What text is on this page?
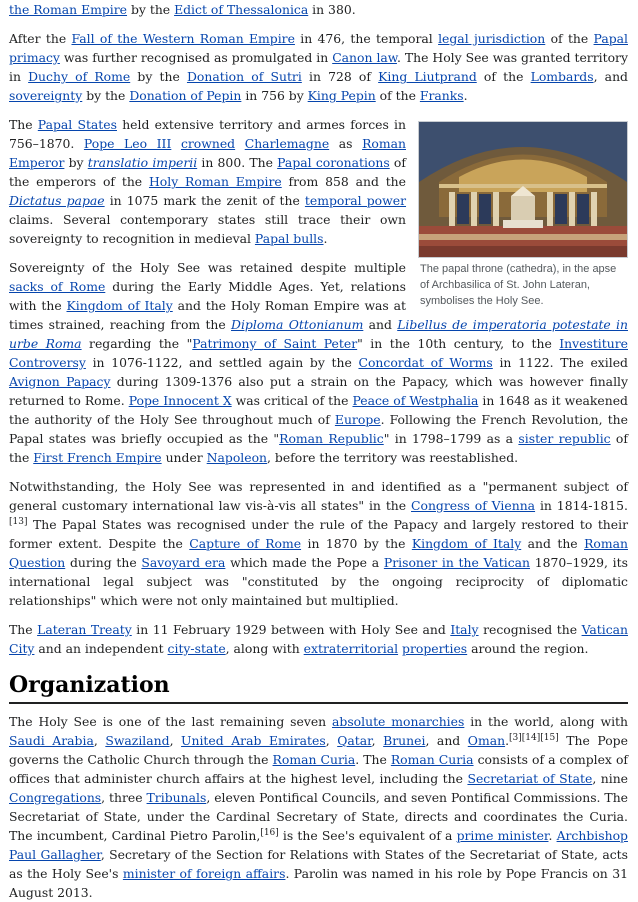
the Roman Empire by the Edict of Thessalonica in 380.

After the Fall of the Western Roman Empire in 476, the temporal legal jurisdiction of the Papal primacy was further recognised as promulgated in Canon law. The Holy See was granted territory in Duchy of Rome by the Donation of Sutri in 728 of King Liutprand of the Lombards, and sovereignty by the Donation of Pepin in 756 by King Pepin of the Franks.

The papal throne (cathedra), in the apse of Archbasilica of St. John Lateran, symbolises the Holy See.

The Papal States held extensive territory and armes forces in 756–1870. Pope Leo III crowned Charlemagne as Roman Emperor by translatio imperii in 800. The Papal coronations of the emperors of the Holy Roman Empire from 858 and the Dictatus papae in 1075 mark the zenit of the temporal power claims. Several contemporary states still trace their own sovereignty to recognition in medieval Papal bulls.

Sovereignty of the Holy See was retained despite multiple sacks of Rome during the Early Middle Ages. Yet, relations with the Kingdom of Italy and the Holy Roman Empire was at times strained, reaching from the Diploma Ottonianum and Libellus de imperatoria potestate in urbe Roma regarding the "Patrimony of Saint Peter" in the 10th century, to the Investiture Controversy in 1076-1122, and settled again by the Concordat of Worms in 1122. The exiled Avignon Papacy during 1309-1376 also put a strain on the Papacy, which was however finally returned to Rome. Pope Innocent X was critical of the Peace of Westphalia in 1648 as it weakened the authority of the Holy See throughout much of Europe. Following the French Revolution, the Papal states was briefly occupied as the "Roman Republic" in 1798–1799 as a sister republic of the First French Empire under Napoleon, before the territory was reestablished.

Notwithstanding, the Holy See was represented in and identified as a "permanent subject of general customary international law vis-à-vis all states" in the Congress of Vienna in 1814-1815.[13] The Papal States was recognised under the rule of the Papacy and largely restored to their former extent. Despite the Capture of Rome in 1870 by the Kingdom of Italy and the Roman Question during the Savoyard era which made the Pope a Prisoner in the Vatican 1870–1929, its international legal subject was "constituted by the ongoing reciprocity of diplomatic relationships" which were not only maintained but multiplied.

The Lateran Treaty in 11 February 1929 between with Holy See and Italy recognised the Vatican City and an independent city-state, along with extraterritorial properties around the region.

Organization

The Holy See is one of the last remaining seven absolute monarchies in the world, along with Saudi Arabia, Swaziland, United Arab Emirates, Qatar, Brunei, and Oman.[3][14][15] The Pope governs the Catholic Church through the Roman Curia. The Roman Curia consists of a complex of offices that administer church affairs at the highest level, including the Secretariat of State, nine Congregations, three Tribunals, eleven Pontifical Councils, and seven Pontifical Commissions. The Secretariat of State, under the Cardinal Secretary of State, directs and coordinates the Curia. The incumbent, Cardinal Pietro Parolin,[16] is the See's equivalent of a prime minister. Archbishop Paul Gallagher, Secretary of the Section for Relations with States of the Secretariat of State, acts as the Holy See's minister of foreign affairs. Parolin was named in his role by Pope Francis on 31 August 2013.
